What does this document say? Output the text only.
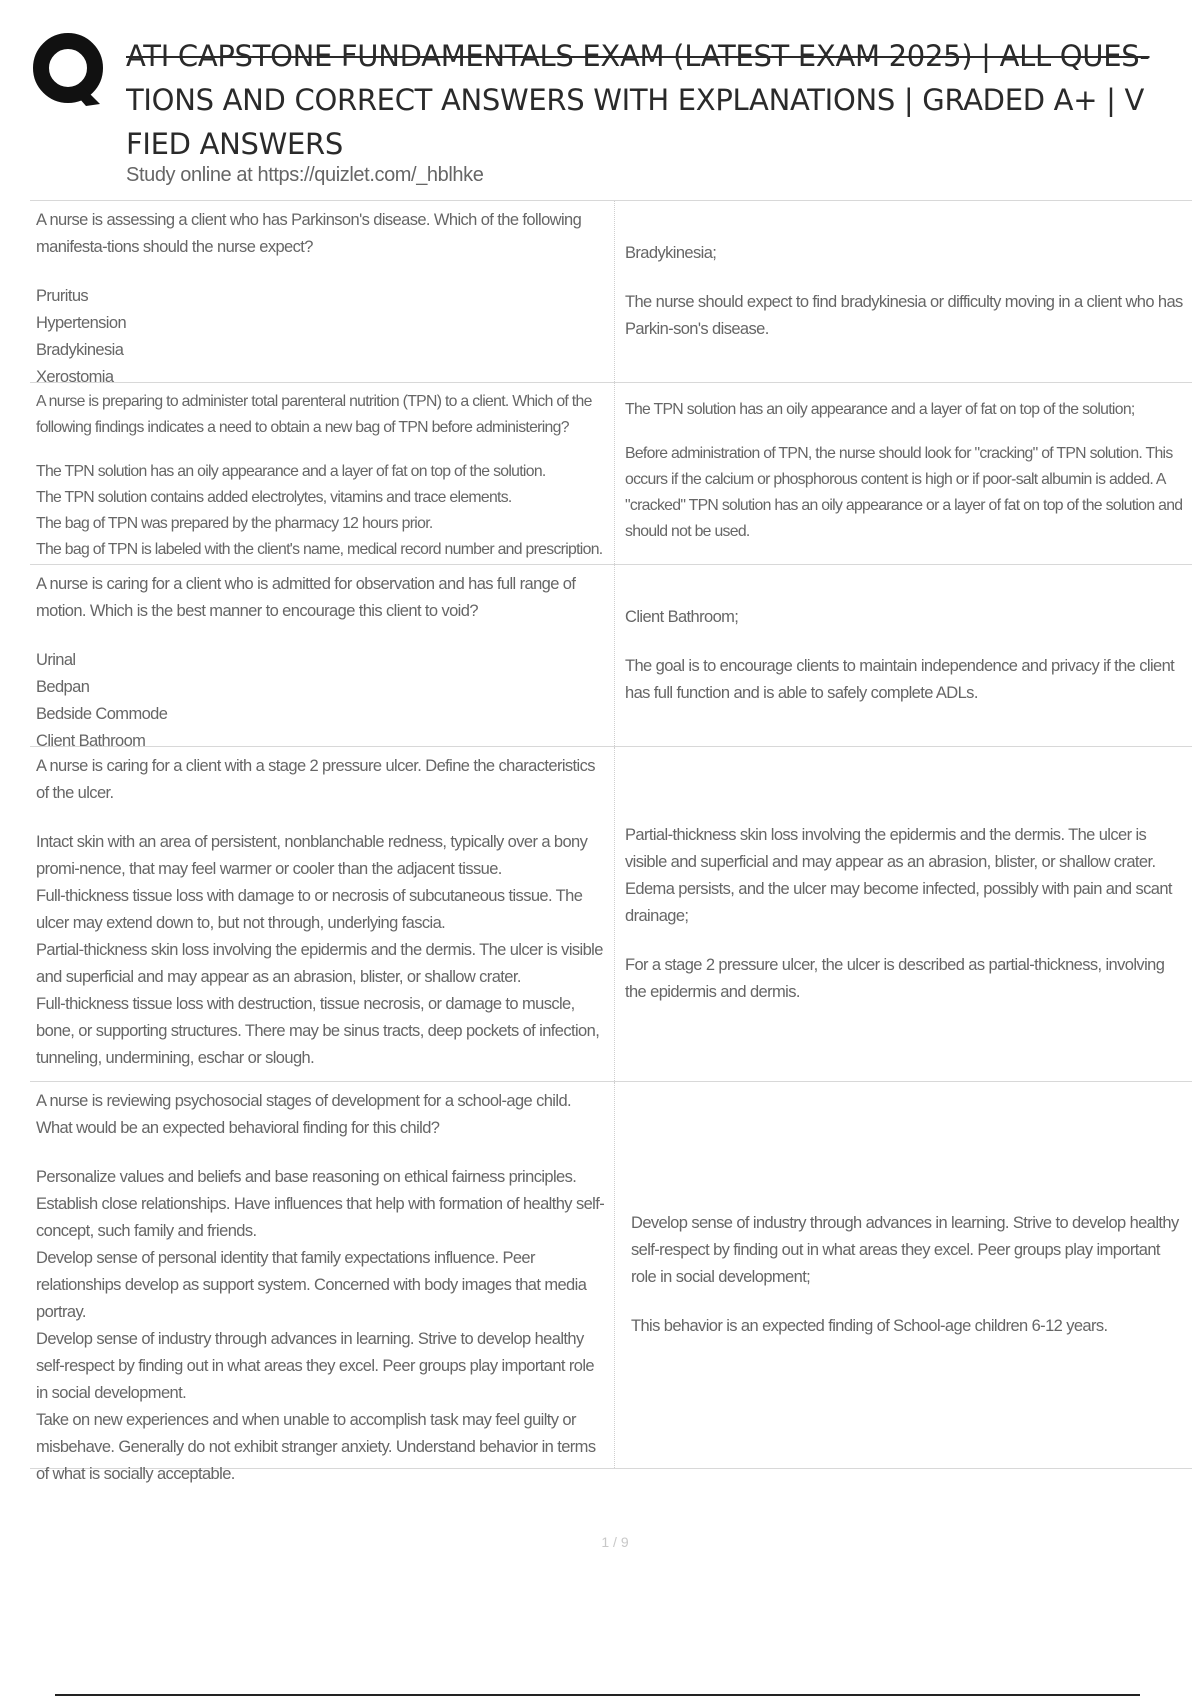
ATI CAPSTONE FUNDAMENTALS EXAM (LATEST EXAM 2025) | ALL QUES-
TIONS AND CORRECT ANSWERS WITH EXPLANATIONS | GRADED A+ | V
FIED ANSWERS
Study online at https://quizlet.com/_hblhke
A nurse is assessing a client who has Parkinson's disease. Which of the following manifesta-tions should the nurse expect?
Pruritus
Hypertension
Bradykinesia
Xerostomia
Bradykinesia;
The nurse should expect to find bradykinesia or difficulty moving in a client who has Parkin-son's disease.
A nurse is preparing to administer total parenteral nutrition (TPN) to a client. Which of the following findings indicates a need to obtain a new bag of TPN before administering?
The TPN solution has an oily appearance and a layer of fat on top of the solution.
The TPN solution contains added electrolytes, vitamins and trace elements.
The bag of TPN was prepared by the pharmacy 12 hours prior.
The bag of TPN is labeled with the client's name, medical record number and prescription.
The TPN solution has an oily appearance and a layer of fat on top of the solution;
Before administration of TPN, the nurse should look for "cracking" of TPN solution. This occurs if the calcium or phosphorous content is high or if poor-salt albumin is added. A "cracked" TPN solution has an oily appearance or a layer of fat on top of the solution and should not be used.
A nurse is caring for a client who is admitted for observation and has full range of motion. Which is the best manner to encourage this client to void?
Urinal
Bedpan
Bedside Commode
Client Bathroom
Client Bathroom;
The goal is to encourage clients to maintain independence and privacy if the client has full function and is able to safely complete ADLs.
A nurse is caring for a client with a stage 2 pressure ulcer. Define the characteristics of the ulcer.
Intact skin with an area of persistent, nonblanchable redness, typically over a bony promi-nence, that may feel warmer or cooler than the adjacent tissue.
Full-thickness tissue loss with damage to or necrosis of subcutaneous tissue. The ulcer may extend down to, but not through, underlying fascia.
Partial-thickness skin loss involving the epidermis and the dermis. The ulcer is visible and superficial and may appear as an abrasion, blister, or shallow crater.
Full-thickness tissue loss with destruction, tissue necrosis, or damage to muscle, bone, or supporting structures. There may be sinus tracts, deep pockets of infection, tunneling, undermining, eschar or slough.
Partial-thickness skin loss involving the epidermis and the dermis. The ulcer is visible and superficial and may appear as an abrasion, blister, or shallow crater. Edema persists, and the ulcer may become infected, possibly with pain and scant drainage;
For a stage 2 pressure ulcer, the ulcer is described as partial-thickness, involving the epidermis and dermis.
A nurse is reviewing psychosocial stages of development for a school-age child. What would be an expected behavioral finding for this child?
Personalize values and beliefs and base reasoning on ethical fairness principles. Establish close relationships. Have influences that help with formation of healthy self-concept, such family and friends.
Develop sense of personal identity that family expectations influence. Peer relationships develop as support system. Concerned with body images that media portray.
Develop sense of industry through advances in learning. Strive to develop healthy self-respect by finding out in what areas they excel. Peer groups play important role in social development.
Take on new experiences and when unable to accomplish task may feel guilty or misbehave. Generally do not exhibit stranger anxiety. Understand behavior in terms of what is socially acceptable.
Develop sense of industry through advances in learning. Strive to develop healthy self-respect by finding out in what areas they excel. Peer groups play important role in social development;
This behavior is an expected finding of School-age children 6-12 years.
1 / 9
